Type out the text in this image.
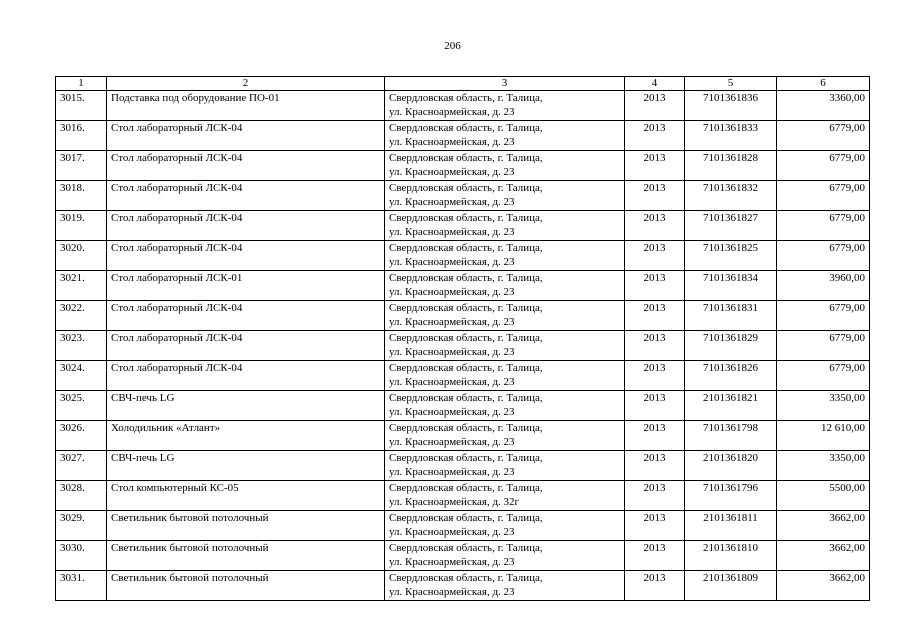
206
1	2	3	4	5	6
3015.	Подставка под оборудование ПО-01	Свердловская область, г. Талица,
ул. Красноармейская, д. 23	2013	7101361836	3360,00
3016.	Стол лабораторный ЛСК-04	Свердловская область, г. Талица,
ул. Красноармейская, д. 23	2013	7101361833	6779,00
3017.	Стол лабораторный ЛСК-04	Свердловская область, г. Талица,
ул. Красноармейская, д. 23	2013	7101361828	6779,00
3018.	Стол лабораторный ЛСК-04	Свердловская область, г. Талица,
ул. Красноармейская, д. 23	2013	7101361832	6779,00
3019.	Стол лабораторный ЛСК-04	Свердловская область, г. Талица,
ул. Красноармейская, д. 23	2013	7101361827	6779,00
3020.	Стол лабораторный ЛСК-04	Свердловская область, г. Талица,
ул. Красноармейская, д. 23	2013	7101361825	6779,00
3021.	Стол лабораторный ЛСК-01	Свердловская область, г. Талица,
ул. Красноармейская, д. 23	2013	7101361834	3960,00
3022.	Стол лабораторный ЛСК-04	Свердловская область, г. Талица,
ул. Красноармейская, д. 23	2013	7101361831	6779,00
3023.	Стол лабораторный ЛСК-04	Свердловская область, г. Талица,
ул. Красноармейская, д. 23	2013	7101361829	6779,00
3024.	Стол лабораторный ЛСК-04	Свердловская область, г. Талица,
ул. Красноармейская, д. 23	2013	7101361826	6779,00
3025.	СВЧ-печь LG	Свердловская область, г. Талица,
ул. Красноармейская, д. 23	2013	2101361821	3350,00
3026.	Холодильник «Атлант»	Свердловская область, г. Талица,
ул. Красноармейская, д. 23	2013	7101361798	12 610,00
3027.	СВЧ-печь LG	Свердловская область, г. Талица,
ул. Красноармейская, д. 23	2013	2101361820	3350,00
3028.	Стол компьютерный КС-05	Свердловская область, г. Талица,
ул. Красноармейская, д. 32г	2013	7101361796	5500,00
3029.	Светильник бытовой потолочный	Свердловская область, г. Талица,
ул. Красноармейская, д. 23	2013	2101361811	3662,00
3030.	Светильник бытовой потолочный	Свердловская область, г. Талица,
ул. Красноармейская, д. 23	2013	2101361810	3662,00
3031.	Светильник бытовой потолочный	Свердловская область, г. Талица,
ул. Красноармейская, д. 23	2013	2101361809	3662,00
